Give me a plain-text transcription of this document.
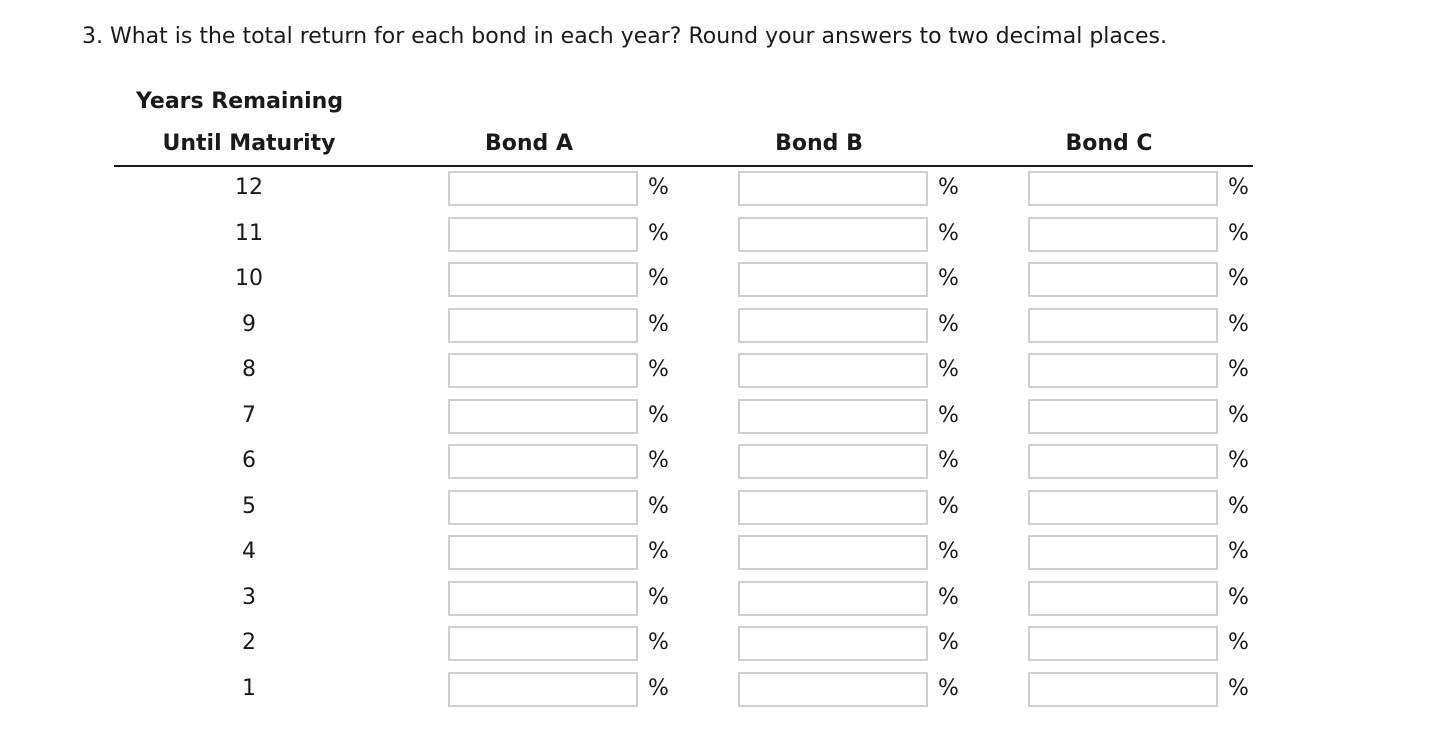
3. What is the total return for each bond in each year? Round your answers to two decimal places.
Years Remaining
Until Maturity	Bond A	Bond B	Bond C
12	%	%	%
11	%	%	%
10	%	%	%
9	%	%	%
8	%	%	%
7	%	%	%
6	%	%	%
5	%	%	%
4	%	%	%
3	%	%	%
2	%	%	%
1	%	%	%
